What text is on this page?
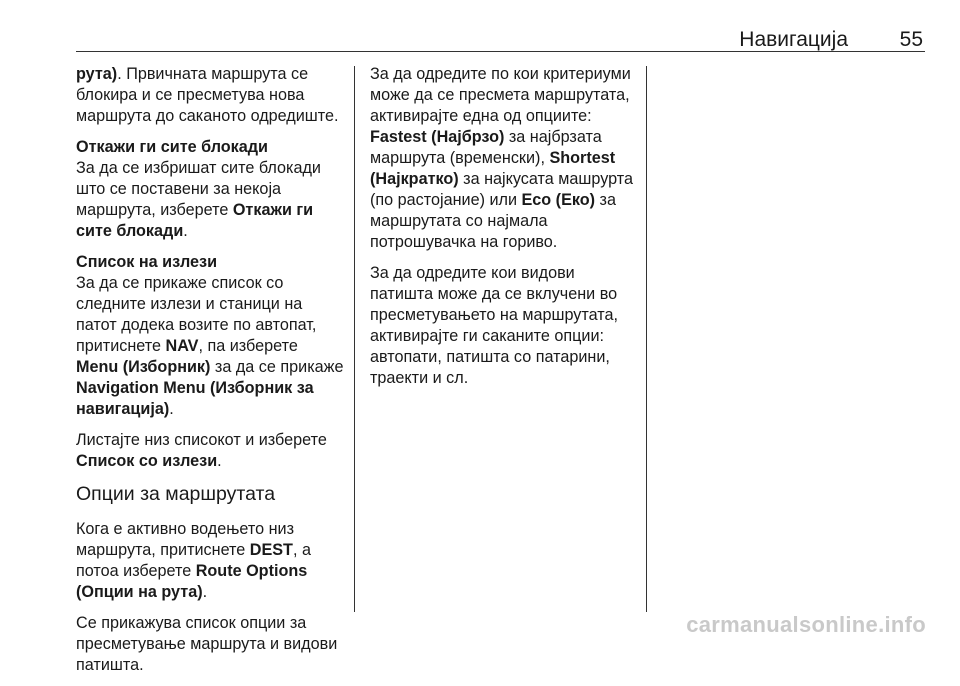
Навигација 55

рута). Првичната маршрута се блокира и се пресметува нова маршрута до саканото одредиште.

Откажи ги сите блокади

За да се избришат сите блокади што се поставени за некоја маршрута, изберете Откажи ги сите блокади.

Список на излези

За да се прикаже список со следните излези и станици на патот додека возите по автопат, притиснете NAV, па изберете Menu (Изборник) за да се прикаже Navigation Menu (Изборник за навигација).

Листајте низ списокот и изберете Список со излези.

Опции за маршрутата

Кога е активно водењето низ маршрута, притиснете DEST, а потоа изберете Route Options (Опции на рута).

Се прикажува список опции за пресметување маршрута и видови патишта.

За да одредите по кои критериуми може да се пресмета маршрутата, активирајте една од опциите: Fastest (Најбрзо) за најбрзата маршрута (временски), Shortest (Најкратко) за најкусата машрурта (по растојание) или Eco (Еко) за маршрутата со најмала потрошувачка на гориво.

За да одредите кои видови патишта може да се вклучени во пресметувањето на маршрутата, активирајте ги саканите опции: автопати, патишта со патарини, траекти и сл.

carmanualsonline.info
